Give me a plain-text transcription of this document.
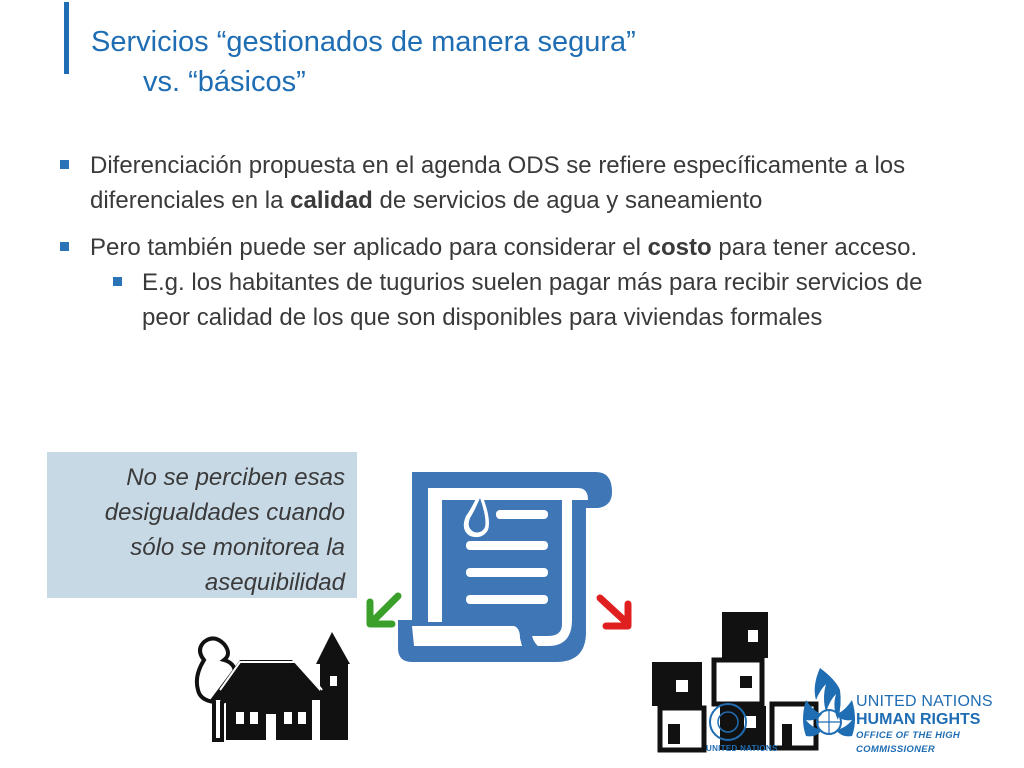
Servicios “gestionados de manera segura”
vs. “básicos”
Diferenciación propuesta en el agenda ODS se refiere específicamente a los diferenciales en la calidad de servicios de agua y saneamiento
Pero también puede ser aplicado para considerar el costo para tener acceso.
E.g. los habitantes de tugurios suelen pagar más para recibir servicios de peor calidad de los que son disponibles para viviendas formales
No se perciben esas desigualdades cuando sólo se monitorea la asequibilidad
UNITED NATIONS
UNITED NATIONS
HUMAN RIGHTS
OFFICE OF THE HIGH COMMISSIONER
